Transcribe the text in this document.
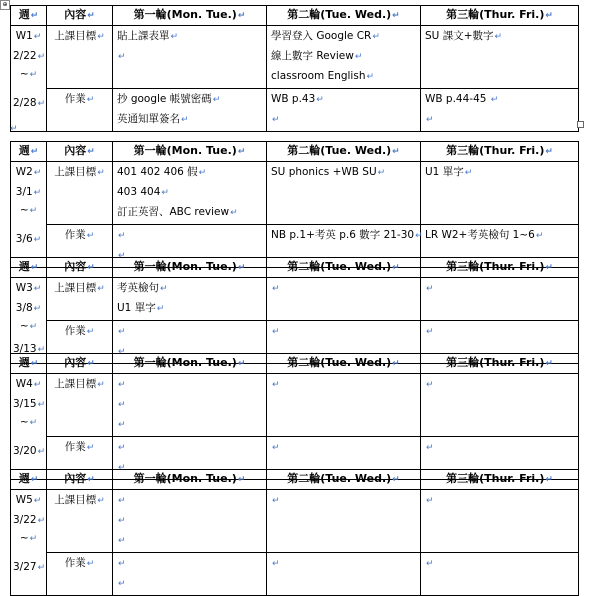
⊕
週↵	內容↵	第一輪(Mon. Tue.)↵	第二輪(Tue. Wed.)↵	第三輪(Thur. Fri.)↵

W1↵
2/22↵
~↵
2/28↵	上課目標↵	貼上課表單↵
↵	學習登入 Google CR↵
線上數字 Review↵
classroom English↵	SU 課文+數字↵

	作業↵	抄 google 帳號密碼↵
英通知單簽名↵	WB p.43↵
↵	WB p.44-45 ↵
↵
週↵	內容↵	第一輪(Mon. Tue.)↵	第二輪(Tue. Wed.)↵	第三輪(Thur. Fri.)↵

W2↵
3/1↵
~↵
3/6↵	上課目標↵	401 402 406 假↵
403 404↵
訂正英習、ABC review↵	SU phonics +WB SU↵	U1 單字↵

	作業↵	↵
↵	NB p.1+考英 p.6 數字 21-30↵	LR W2+考英檢句 1~6↵
週↵	內容↵	第一輪(Mon. Tue.)↵	第二輪(Tue. Wed.)↵	第三輪(Thur. Fri.)↵

W3↵
3/8↵
~↵
3/13↵	上課目標↵	考英檢句↵
U1 單字↵	↵	↵

	作業↵	↵
↵	↵	↵
週↵	內容↵	第一輪(Mon. Tue.)↵	第二輪(Tue. Wed.)↵	第三輪(Thur. Fri.)↵

W4↵
3/15↵
~↵
3/20↵	上課目標↵	↵
↵
↵	↵	↵

	作業↵	↵
↵	↵	↵
週↵	內容↵	第一輪(Mon. Tue.)↵	第二輪(Tue. Wed.)↵	第三輪(Thur. Fri.)↵

W5↵
3/22↵
~↵
3/27↵	上課目標↵	↵
↵
↵	↵	↵

	作業↵	↵
↵	↵	↵
↵
